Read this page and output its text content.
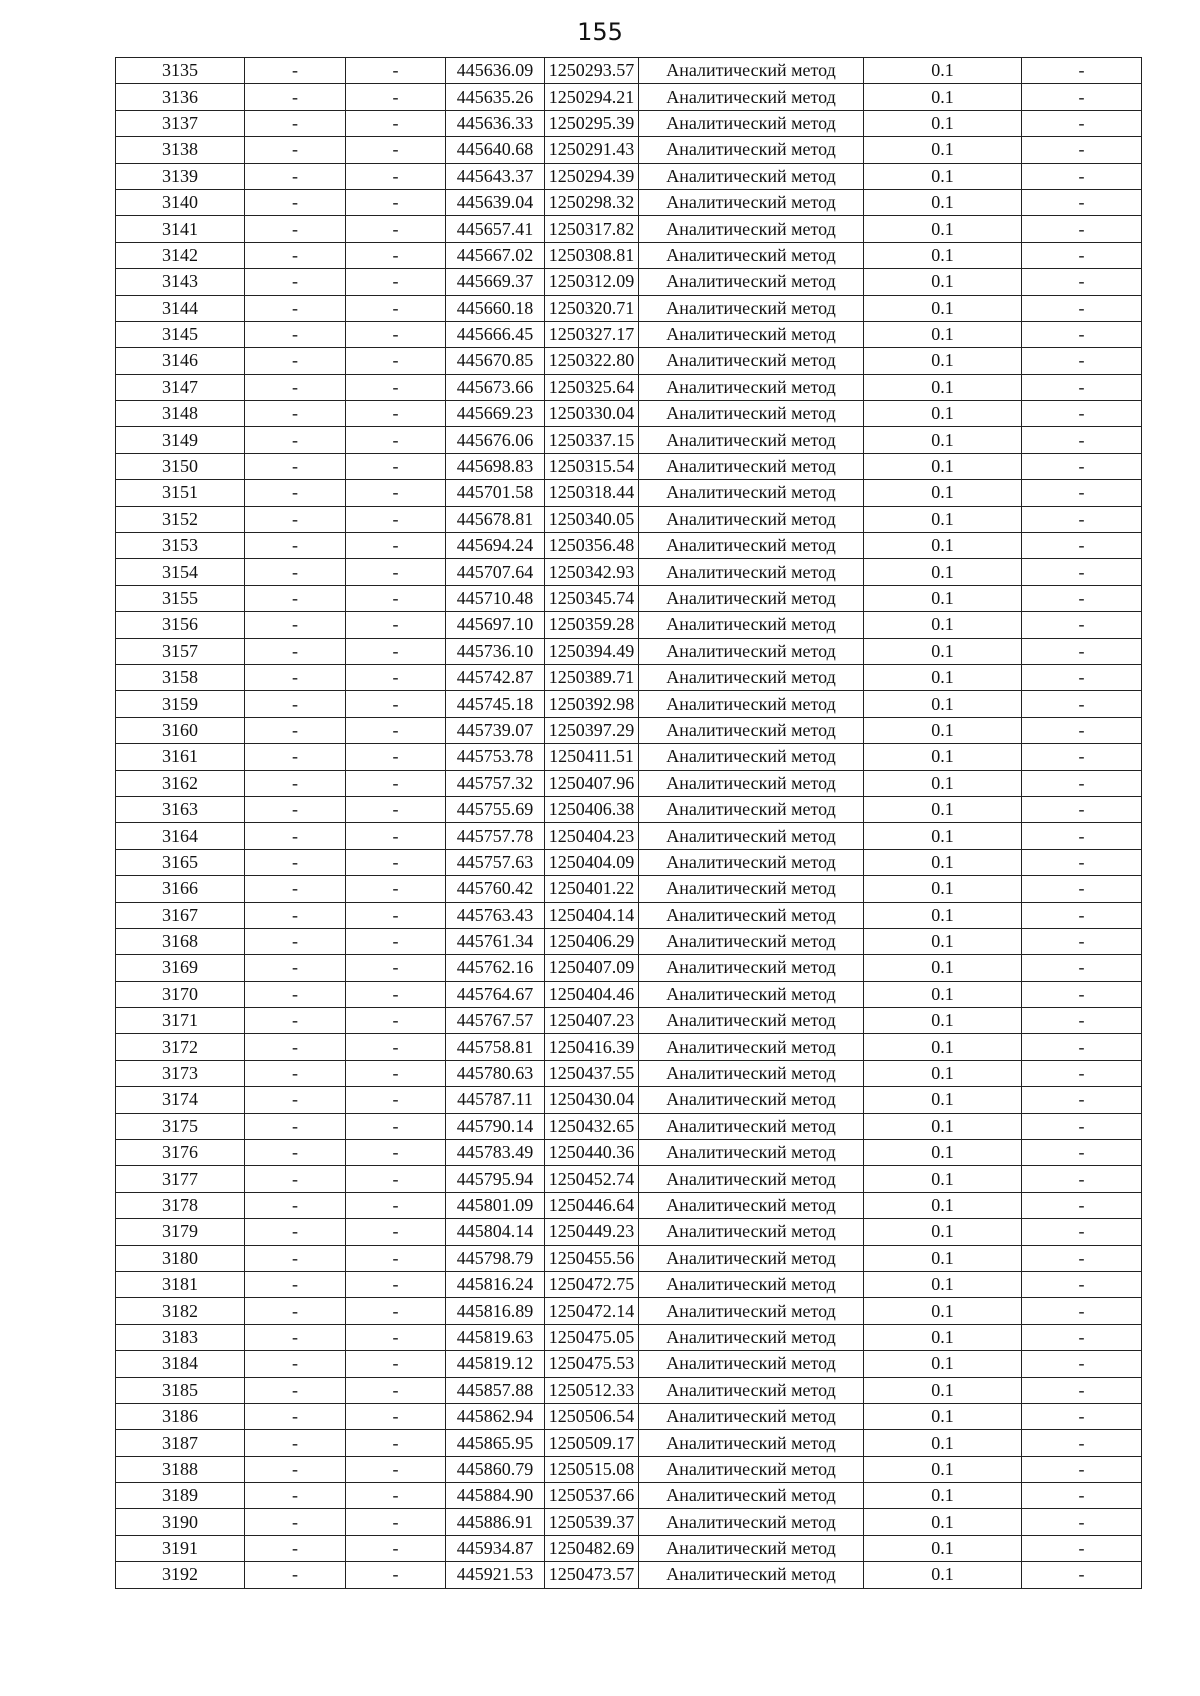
155
3135	-	-	445636.09	1250293.57	Аналитический метод	0.1	-
3136	-	-	445635.26	1250294.21	Аналитический метод	0.1	-
3137	-	-	445636.33	1250295.39	Аналитический метод	0.1	-
3138	-	-	445640.68	1250291.43	Аналитический метод	0.1	-
3139	-	-	445643.37	1250294.39	Аналитический метод	0.1	-
3140	-	-	445639.04	1250298.32	Аналитический метод	0.1	-
3141	-	-	445657.41	1250317.82	Аналитический метод	0.1	-
3142	-	-	445667.02	1250308.81	Аналитический метод	0.1	-
3143	-	-	445669.37	1250312.09	Аналитический метод	0.1	-
3144	-	-	445660.18	1250320.71	Аналитический метод	0.1	-
3145	-	-	445666.45	1250327.17	Аналитический метод	0.1	-
3146	-	-	445670.85	1250322.80	Аналитический метод	0.1	-
3147	-	-	445673.66	1250325.64	Аналитический метод	0.1	-
3148	-	-	445669.23	1250330.04	Аналитический метод	0.1	-
3149	-	-	445676.06	1250337.15	Аналитический метод	0.1	-
3150	-	-	445698.83	1250315.54	Аналитический метод	0.1	-
3151	-	-	445701.58	1250318.44	Аналитический метод	0.1	-
3152	-	-	445678.81	1250340.05	Аналитический метод	0.1	-
3153	-	-	445694.24	1250356.48	Аналитический метод	0.1	-
3154	-	-	445707.64	1250342.93	Аналитический метод	0.1	-
3155	-	-	445710.48	1250345.74	Аналитический метод	0.1	-
3156	-	-	445697.10	1250359.28	Аналитический метод	0.1	-
3157	-	-	445736.10	1250394.49	Аналитический метод	0.1	-
3158	-	-	445742.87	1250389.71	Аналитический метод	0.1	-
3159	-	-	445745.18	1250392.98	Аналитический метод	0.1	-
3160	-	-	445739.07	1250397.29	Аналитический метод	0.1	-
3161	-	-	445753.78	1250411.51	Аналитический метод	0.1	-
3162	-	-	445757.32	1250407.96	Аналитический метод	0.1	-
3163	-	-	445755.69	1250406.38	Аналитический метод	0.1	-
3164	-	-	445757.78	1250404.23	Аналитический метод	0.1	-
3165	-	-	445757.63	1250404.09	Аналитический метод	0.1	-
3166	-	-	445760.42	1250401.22	Аналитический метод	0.1	-
3167	-	-	445763.43	1250404.14	Аналитический метод	0.1	-
3168	-	-	445761.34	1250406.29	Аналитический метод	0.1	-
3169	-	-	445762.16	1250407.09	Аналитический метод	0.1	-
3170	-	-	445764.67	1250404.46	Аналитический метод	0.1	-
3171	-	-	445767.57	1250407.23	Аналитический метод	0.1	-
3172	-	-	445758.81	1250416.39	Аналитический метод	0.1	-
3173	-	-	445780.63	1250437.55	Аналитический метод	0.1	-
3174	-	-	445787.11	1250430.04	Аналитический метод	0.1	-
3175	-	-	445790.14	1250432.65	Аналитический метод	0.1	-
3176	-	-	445783.49	1250440.36	Аналитический метод	0.1	-
3177	-	-	445795.94	1250452.74	Аналитический метод	0.1	-
3178	-	-	445801.09	1250446.64	Аналитический метод	0.1	-
3179	-	-	445804.14	1250449.23	Аналитический метод	0.1	-
3180	-	-	445798.79	1250455.56	Аналитический метод	0.1	-
3181	-	-	445816.24	1250472.75	Аналитический метод	0.1	-
3182	-	-	445816.89	1250472.14	Аналитический метод	0.1	-
3183	-	-	445819.63	1250475.05	Аналитический метод	0.1	-
3184	-	-	445819.12	1250475.53	Аналитический метод	0.1	-
3185	-	-	445857.88	1250512.33	Аналитический метод	0.1	-
3186	-	-	445862.94	1250506.54	Аналитический метод	0.1	-
3187	-	-	445865.95	1250509.17	Аналитический метод	0.1	-
3188	-	-	445860.79	1250515.08	Аналитический метод	0.1	-
3189	-	-	445884.90	1250537.66	Аналитический метод	0.1	-
3190	-	-	445886.91	1250539.37	Аналитический метод	0.1	-
3191	-	-	445934.87	1250482.69	Аналитический метод	0.1	-
3192	-	-	445921.53	1250473.57	Аналитический метод	0.1	-
